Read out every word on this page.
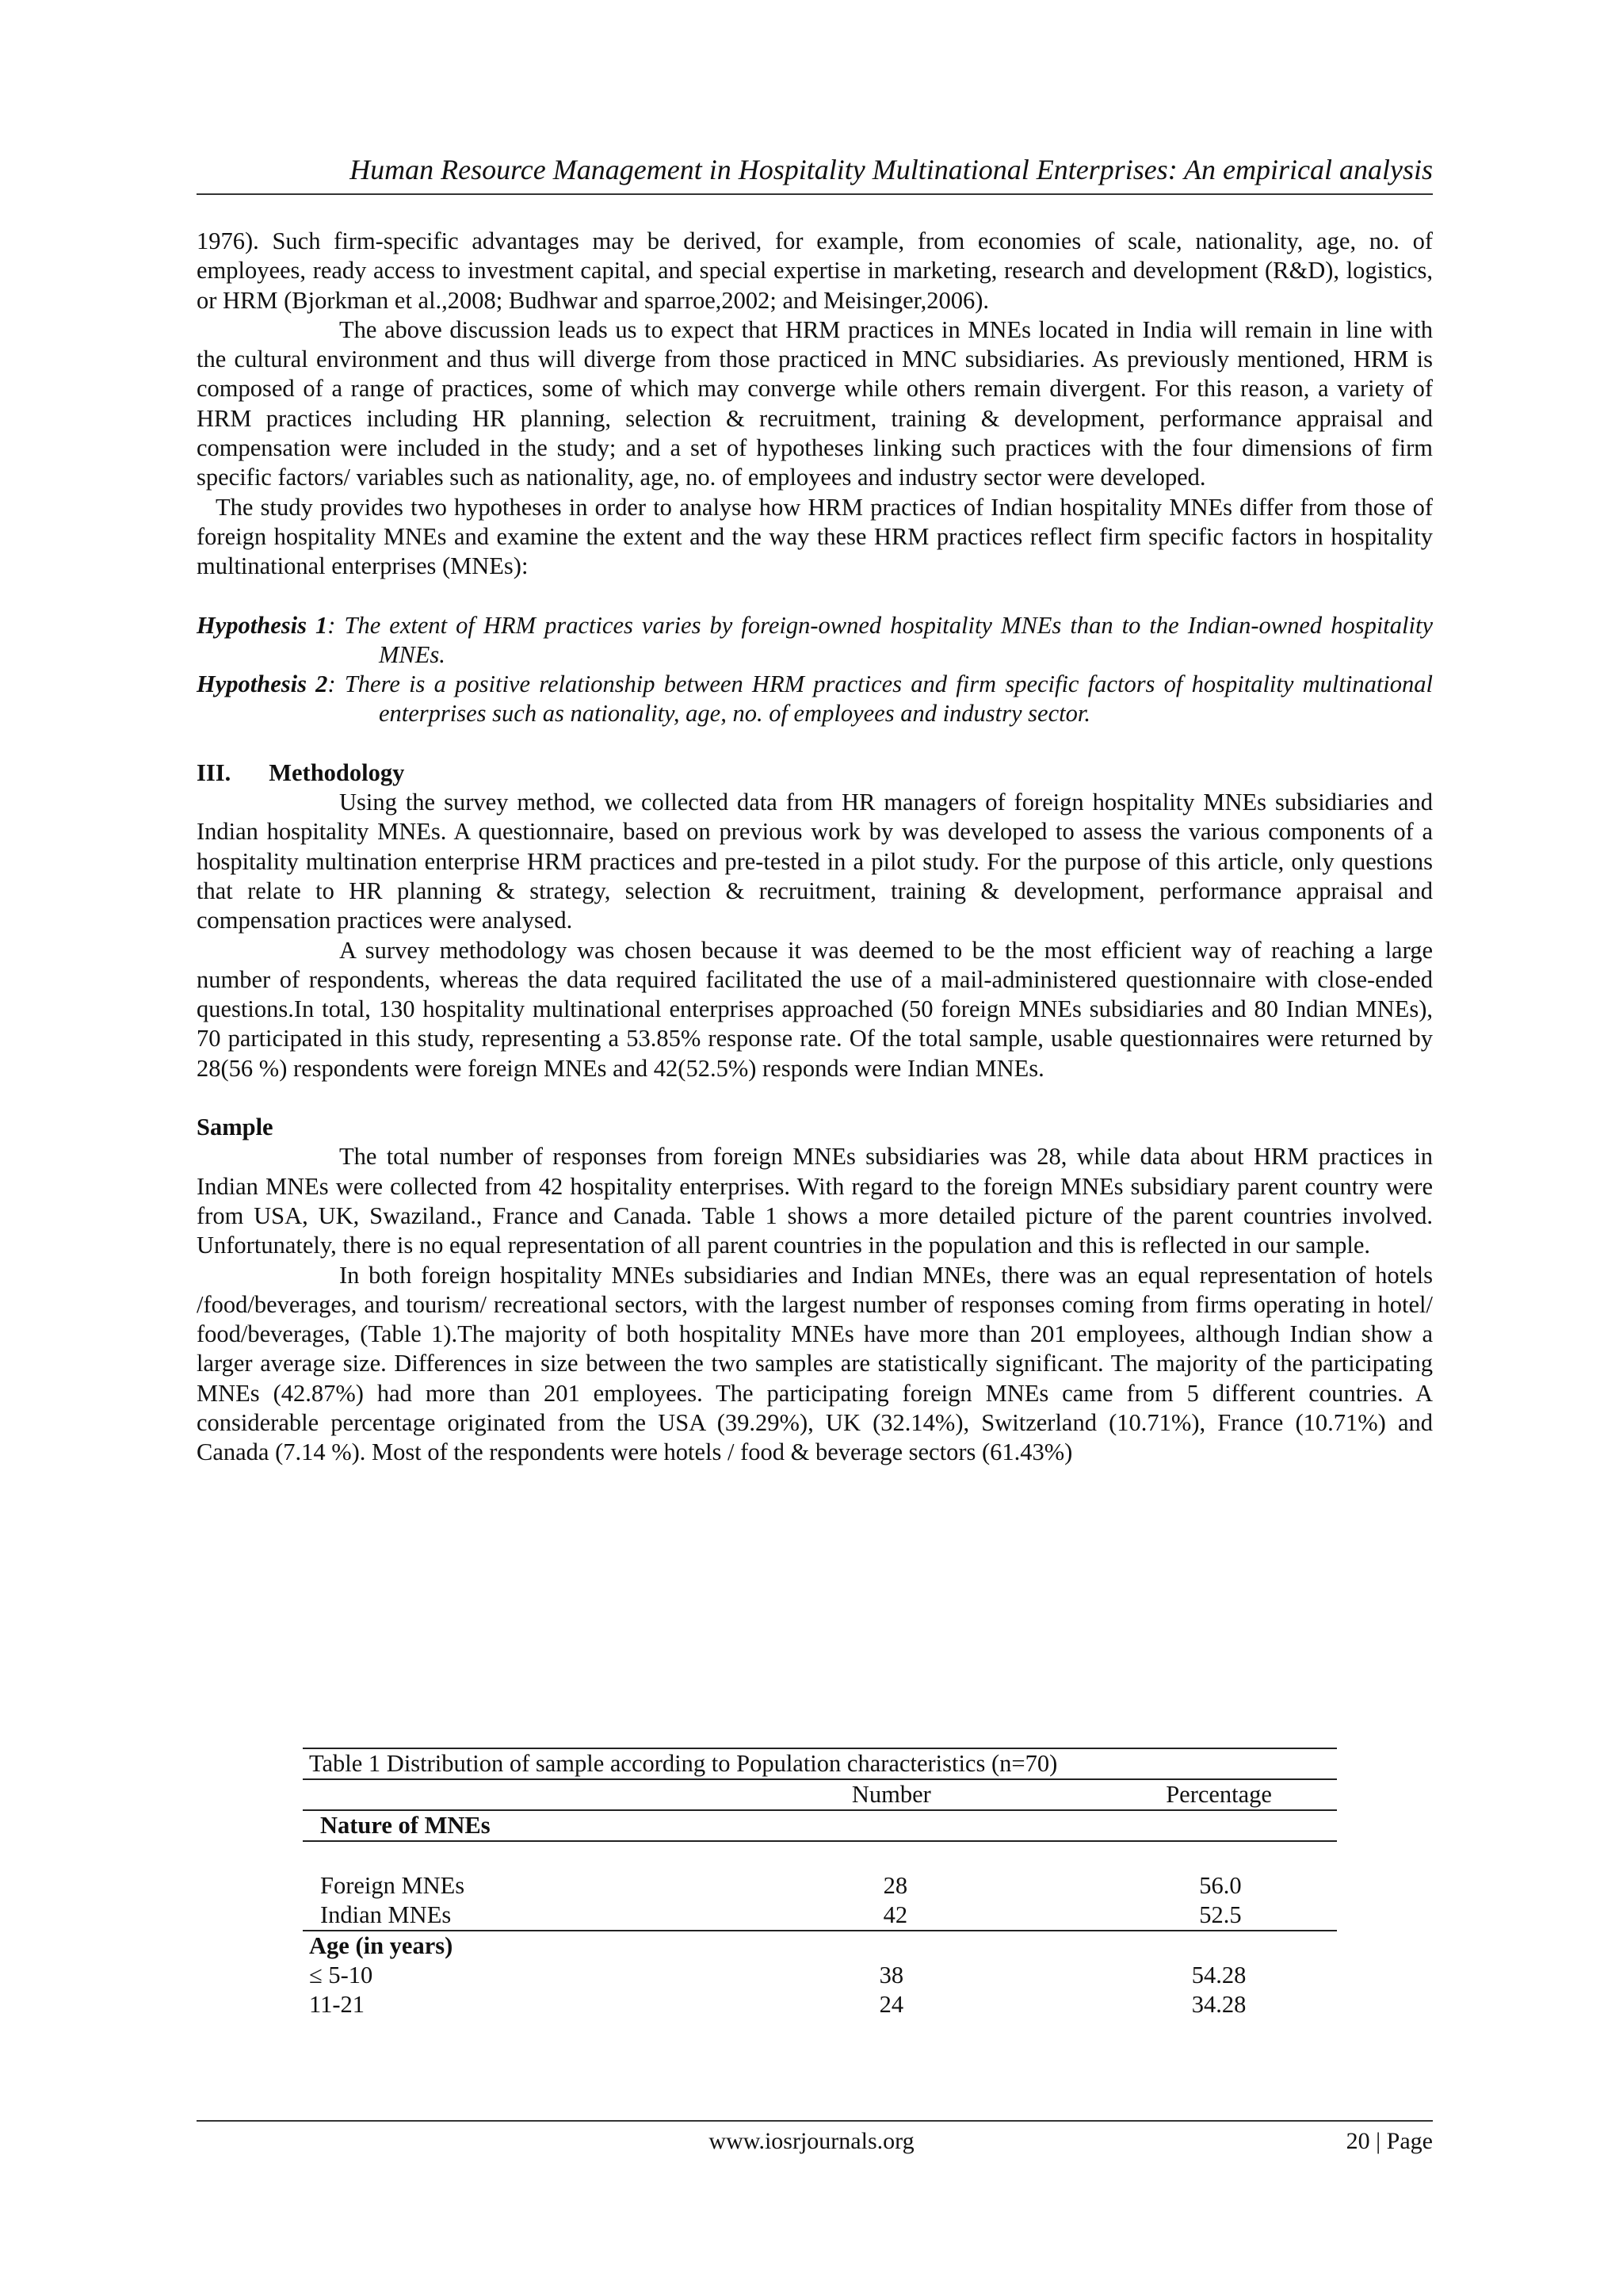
Human Resource Management in Hospitality Multinational Enterprises: An empirical analysis

1976). Such firm-specific advantages may be derived, for example, from economies of scale, nationality, age, no. of employees, ready access to investment capital, and special expertise in marketing, research and development (R&D), logistics, or HRM (Bjorkman et al.,2008; Budhwar and sparroe,2002; and Meisinger,2006).

The above discussion leads us to expect that HRM practices in MNEs located in India will remain in line with the cultural environment and thus will diverge from those practiced in MNC subsidiaries. As previously mentioned, HRM is composed of a range of practices, some of which may converge while others remain divergent. For this reason, a variety of HRM practices including HR planning, selection & recruitment, training & development, performance appraisal and compensation were included in the study; and a set of hypotheses linking such practices with the four dimensions of firm specific factors/ variables such as nationality, age, no. of employees and industry sector were developed.

The study provides two hypotheses in order to analyse how HRM practices of Indian hospitality MNEs differ from those of foreign hospitality MNEs and examine the extent and the way these HRM practices reflect firm specific factors in hospitality multinational enterprises (MNEs):

Hypothesis 1: The extent of HRM practices varies by foreign-owned hospitality MNEs than to the Indian-owned hospitality MNEs.

Hypothesis 2: There is a positive relationship between HRM practices and firm specific factors of hospitality multinational enterprises such as nationality, age, no. of employees and industry sector.

III. Methodology

Using the survey method, we collected data from HR managers of foreign hospitality MNEs subsidiaries and Indian hospitality MNEs. A questionnaire, based on previous work by was developed to assess the various components of a hospitality multination enterprise HRM practices and pre-tested in a pilot study. For the purpose of this article, only questions that relate to HR planning & strategy, selection & recruitment, training & development, performance appraisal and compensation practices were analysed.

A survey methodology was chosen because it was deemed to be the most efficient way of reaching a large number of respondents, whereas the data required facilitated the use of a mail-administered questionnaire with close-ended questions.In total, 130 hospitality multinational enterprises approached (50 foreign MNEs subsidiaries and 80 Indian MNEs), 70 participated in this study, representing a 53.85% response rate. Of the total sample, usable questionnaires were returned by 28(56 %) respondents were foreign MNEs and 42(52.5%) responds were Indian MNEs.

Sample

The total number of responses from foreign MNEs subsidiaries was 28, while data about HRM practices in Indian MNEs were collected from 42 hospitality enterprises. With regard to the foreign MNEs subsidiary parent country were from USA, UK, Swaziland., France and Canada. Table 1 shows a more detailed picture of the parent countries involved. Unfortunately, there is no equal representation of all parent countries in the population and this is reflected in our sample.

In both foreign hospitality MNEs subsidiaries and Indian MNEs, there was an equal representation of hotels /food/beverages, and tourism/ recreational sectors, with the largest number of responses coming from firms operating in hotel/ food/beverages, (Table 1).The majority of both hospitality MNEs have more than 201 employees, although Indian show a larger average size. Differences in size between the two samples are statistically significant. The majority of the participating MNEs (42.87%) had more than 201 employees. The participating foreign MNEs came from 5 different countries. A considerable percentage originated from the USA (39.29%), UK (32.14%), Switzerland (10.71%), France (10.71%) and Canada (7.14 %). Most of the respondents were hotels / food & beverage sectors (61.43%)

Table 1 Distribution of sample according to Population characteristics (n=70)
Number	Percentage
Nature of MNEs
Foreign MNEs	28	56.0
Indian MNEs	42	52.5
Age (in years)
≤ 5-10	38	54.28
11-21	24	34.28
www.iosrjournals.org	20 | Page
